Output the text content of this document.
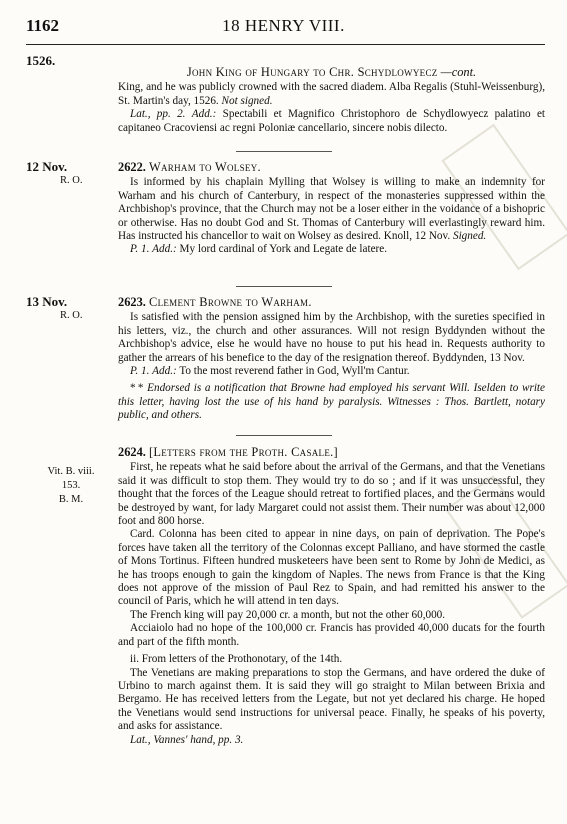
1162	18 HENRY VIII.
1526.
John King of Hungary to Chr. Schydlowyecz —cont.

King, and he was publicly crowned with the sacred diadem. Alba Regalis (Stuhl-Weissenburg), St. Martin's day, 1526. Not signed.

Lat., pp. 2. Add.: Spectabili et Magnifico Christophoro de Schydlowyecz palatino et capitaneo Cracoviensi ac regni Poloniæ cancellario, sincere nobis dilecto.

12 Nov.
R. O.
2622. Warham to Wolsey.

Is informed by his chaplain Mylling that Wolsey is willing to make an indemnity for Warham and his church of Canterbury, in respect of the monasteries suppressed within the Archbishop's province, that the Church may not be a loser either in the voidance of a bishopric or otherwise. Has no doubt God and St. Thomas of Canterbury will everlastingly reward him. Has instructed his chancellor to wait on Wolsey as desired. Knoll, 12 Nov. Signed.

P. 1. Add.: My lord cardinal of York and Legate de latere.

13 Nov.
R. O.
2623. Clement Browne to Warham.

Is satisfied with the pension assigned him by the Archbishop, with the sureties specified in his letters, viz., the church and other assurances. Will not resign Byddynden without the Archbishop's advice, else he would have no house to put his head in. Requests authority to gather the arrears of his benefice to the day of the resignation thereof. Byddynden, 13 Nov.

P. 1. Add.: To the most reverend father in God, Wyll'm Cantur.

* * Endorsed is a notification that Browne had employed his servant Will. Iselden to write this letter, having lost the use of his hand by paralysis. Witnesses : Thos. Bartlett, notary public, and others.

Vit. B. viii.
153.
B. M.
2624. [Letters from the Proth. Casale.]

First, he repeats what he said before about the arrival of the Germans, and that the Venetians said it was difficult to stop them. They would try to do so ; and if it was unsuccessful, they thought that the forces of the League should retreat to fortified places, and the Germans would be destroyed by want, for lady Margaret could not assist them. Their number was about 12,000 foot and 800 horse.

Card. Colonna has been cited to appear in nine days, on pain of deprivation. The Pope's forces have taken all the territory of the Colonnas except Palliano, and have stormed the castle of Mons Tortinus. Fifteen hundred musketeers have been sent to Rome by John de Medici, as he has troops enough to gain the kingdom of Naples. The news from France is that the King does not approve of the mission of Paul Rez to Spain, and had remitted his answer to the council of Paris, which he will attend in ten days.

The French king will pay 20,000 cr. a month, but not the other 60,000.

Acciaiolo had no hope of the 100,000 cr. Francis has provided 40,000 ducats for the fourth and part of the fifth month.

ii. From letters of the Prothonotary, of the 14th.

The Venetians are making preparations to stop the Germans, and have ordered the duke of Urbino to march against them. It is said they will go straight to Milan between Brixia and Bergamo. He has received letters from the Legate, but not yet declared his charge. He hoped the Venetians would send instructions for universal peace. Finally, he speaks of his poverty, and asks for assistance.

Lat., Vannes' hand, pp. 3.
